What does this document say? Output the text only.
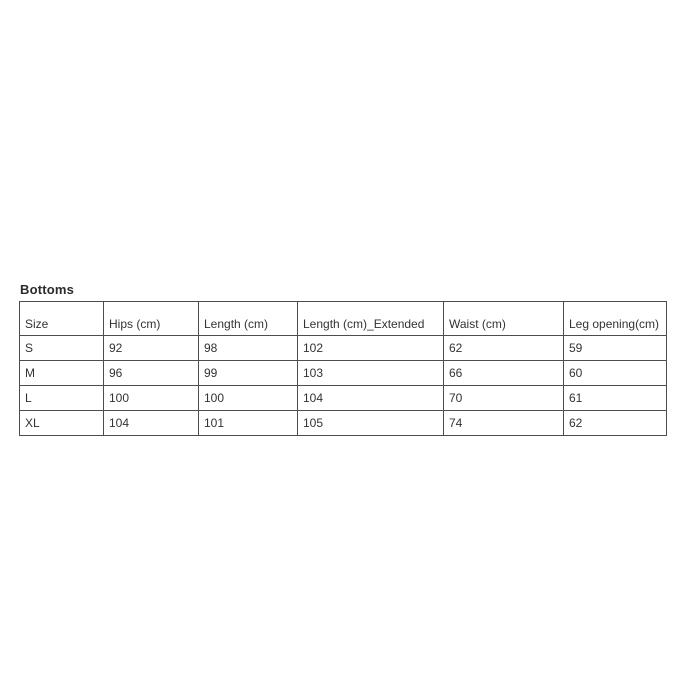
Bottoms
Size	Hips (cm)	Length (cm)	Length (cm)_Extended	Waist (cm)	Leg opening(cm)
S	92	98	102	62	59
M	96	99	103	66	60
L	100	100	104	70	61
XL	104	101	105	74	62
